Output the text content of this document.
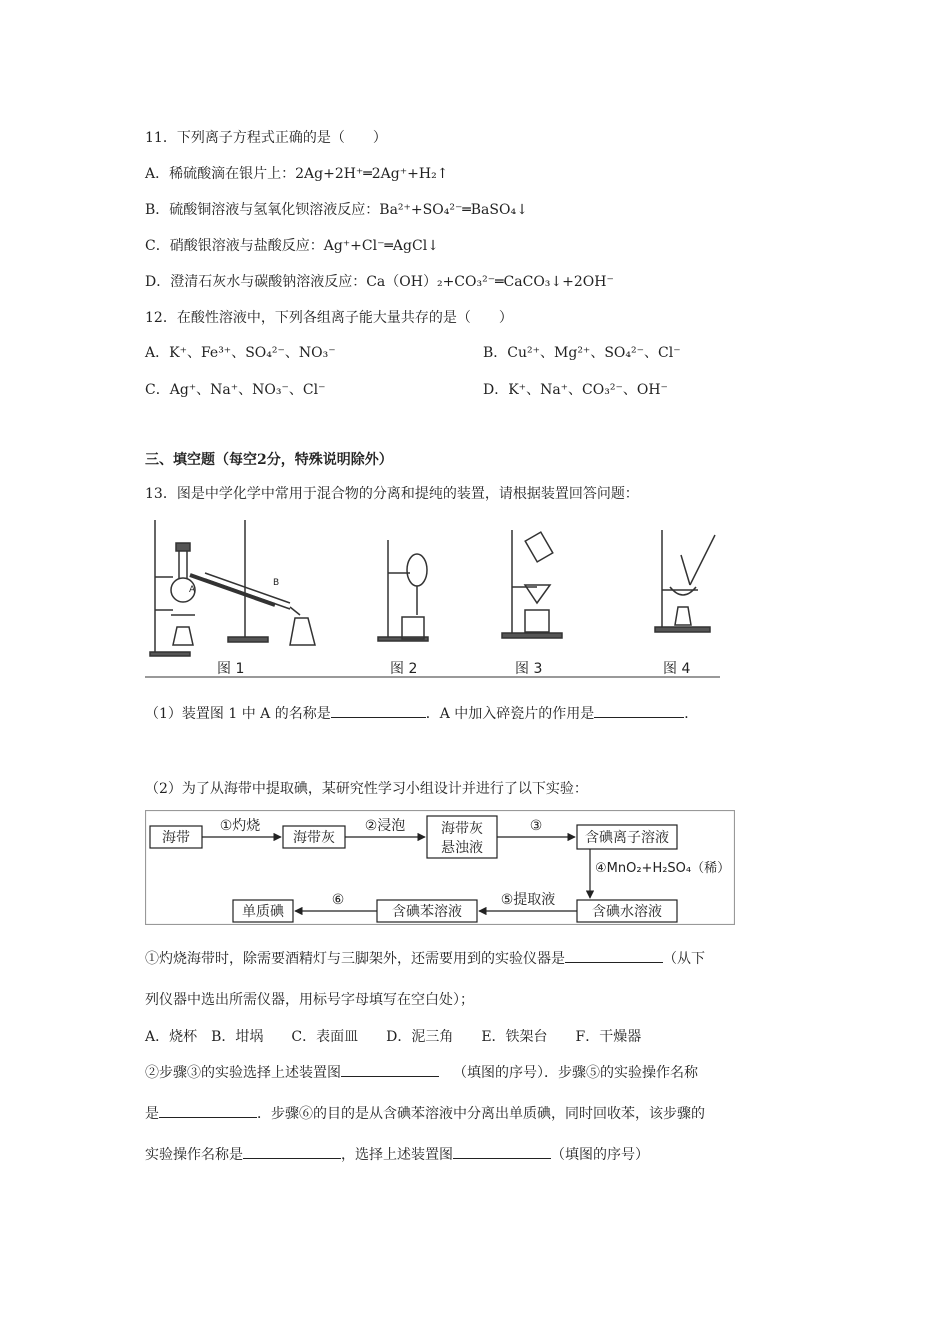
11．下列离子方程式正确的是（　　）
A．稀硫酸滴在银片上：2Ag+2H⁺═2Ag⁺+H₂↑
B．硫酸铜溶液与氢氧化钡溶液反应：Ba²⁺+SO₄²⁻═BaSO₄↓
C．硝酸银溶液与盐酸反应：Ag⁺+Cl⁻═AgCl↓
D．澄清石灰水与碳酸钠溶液反应：Ca（OH）₂+CO₃²⁻═CaCO₃↓+2OH⁻
12．在酸性溶液中，下列各组离子能大量共存的是（　　）
A．K⁺、Fe³⁺、SO₄²⁻、NO₃⁻	B．Cu²⁺、Mg²⁺、SO₄²⁻、Cl⁻
C．Ag⁺、Na⁺、NO₃⁻、Cl⁻	D．K⁺、Na⁺、CO₃²⁻、OH⁻
三、填空题（每空2分，特殊说明除外）
13．图是中学化学中常用于混合物的分离和提纯的装置，请根据装置回答问题：
图 1	图 2	图 3	图 4
A
B
（1）装置图 1 中 A 的名称是	．A 中加入碎瓷片的作用是	．
（2）为了从海带中提取碘，某研究性学习小组设计并进行了以下实验：
海带	海带灰
海带灰
悬浊液
含碘离子溶液
含碘水溶液
含碘苯溶液
单质碘
①灼烧	②浸泡	③
⑤提取液
⑥
④MnO₂+H₂SO₄（稀）
①灼烧海带时，除需要酒精灯与三脚架外，还需要用到的实验仪器是	（从下
列仪器中选出所需仪器，用标号字母填写在空白处）；
A．烧杯　B．坩埚　　C．表面皿　　D．泥三角　　E．铁架台　　F．干燥器
②步骤③的实验选择上述装置图	（填图的序号）．步骤⑤的实验操作名称
是	．步骤⑥的目的是从含碘苯溶液中分离出单质碘，同时回收苯，该步骤的
实验操作名称是	，选择上述装置图	（填图的序号）
